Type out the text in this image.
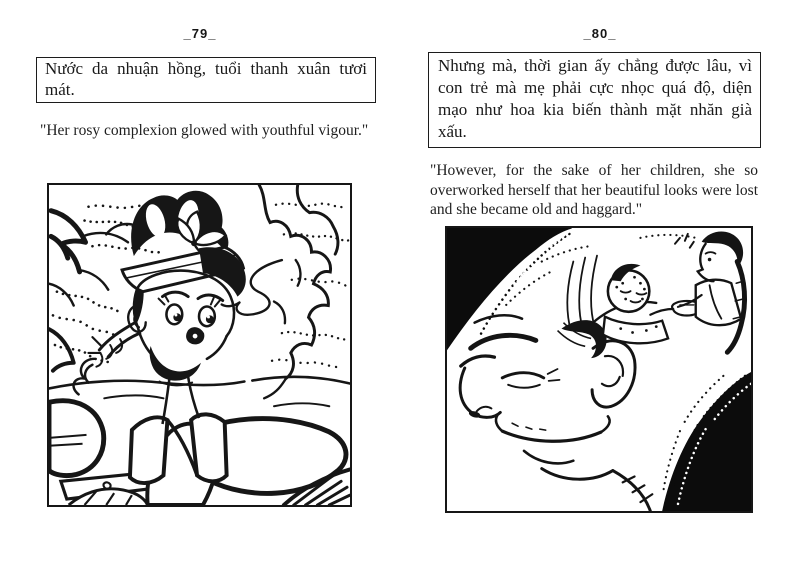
_79_

Nước da nhuận hồng, tuổi thanh xuân tươi mát.

"Her rosy complexion glowed with youthful vigour."

_80_

Nhưng mà, thời gian ấy chẳng được lâu, vì con trẻ mà mẹ phải cực nhọc quá độ, diện mạo như hoa kia biến thành mặt nhăn già xấu.

"However, for the sake of her children, she so overworked herself that her beautiful looks were lost and she became old and haggard."
